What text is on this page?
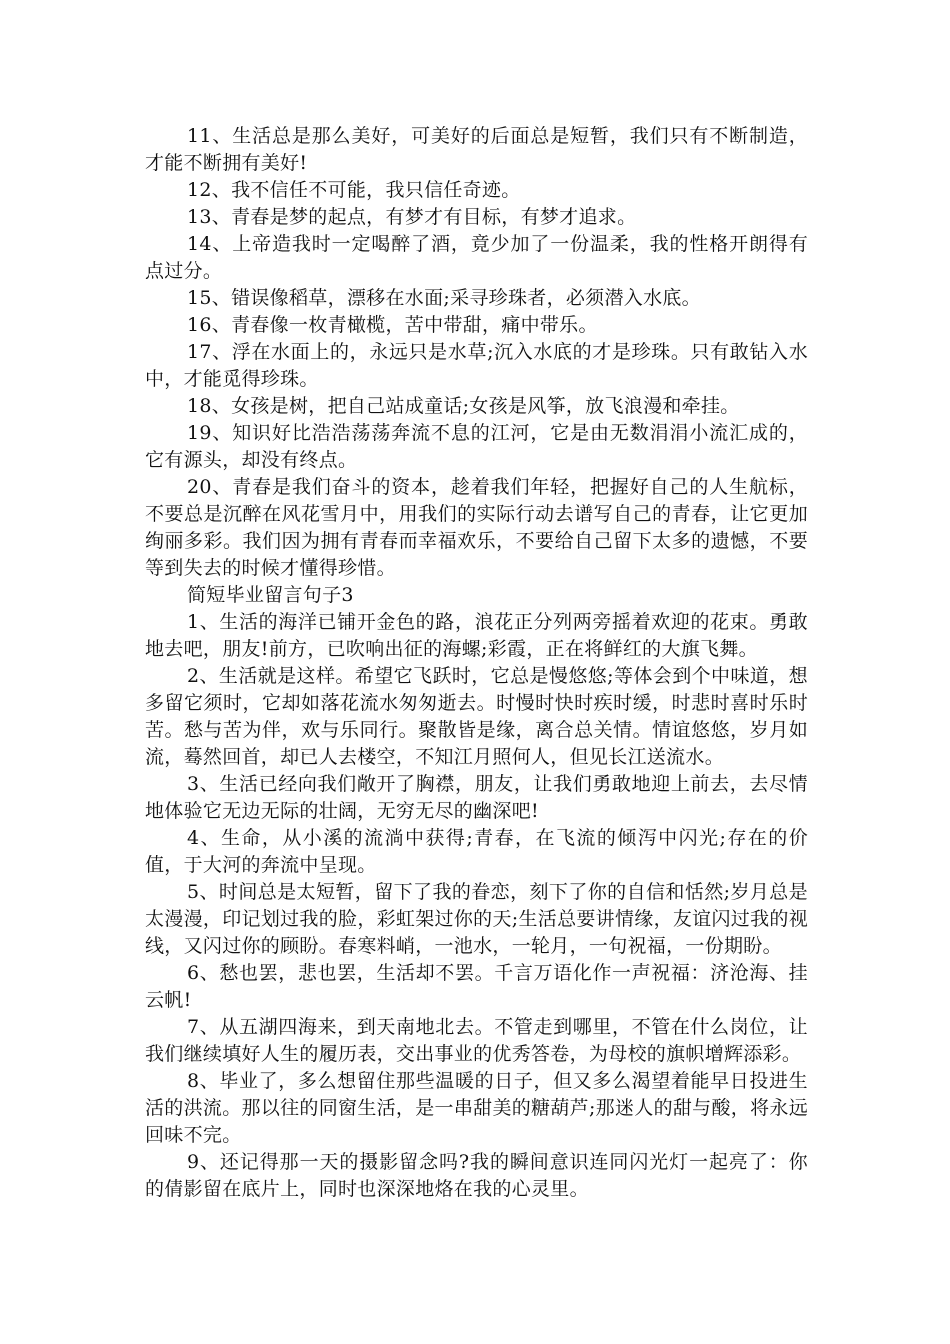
11、生活总是那么美好，可美好的后面总是短暂，我们只有不断制造，才能不断拥有美好!

12、我不信任不可能，我只信任奇迹。

13、青春是梦的起点，有梦才有目标，有梦才追求。

14、上帝造我时一定喝醉了酒，竟少加了一份温柔，我的性格开朗得有点过分。

15、错误像稻草，漂移在水面;采寻珍珠者，必须潜入水底。

16、青春像一枚青橄榄，苦中带甜，痛中带乐。

17、浮在水面上的，永远只是水草;沉入水底的才是珍珠。只有敢钻入水中，才能觅得珍珠。

18、女孩是树，把自己站成童话;女孩是风筝，放飞浪漫和牵挂。

19、知识好比浩浩荡荡奔流不息的江河，它是由无数涓涓小流汇成的，它有源头，却没有终点。

20、青春是我们奋斗的资本，趁着我们年轻，把握好自己的人生航标，不要总是沉醉在风花雪月中，用我们的实际行动去谱写自己的青春，让它更加绚丽多彩。我们因为拥有青春而幸福欢乐，不要给自己留下太多的遗憾，不要等到失去的时候才懂得珍惜。

简短毕业留言句子3

1、生活的海洋已铺开金色的路，浪花正分列两旁摇着欢迎的花束。勇敢地去吧，朋友!前方，已吹响出征的海螺;彩霞，正在将鲜红的大旗飞舞。

2、生活就是这样。希望它飞跃时，它总是慢悠悠;等体会到个中味道，想多留它须时，它却如落花流水匆匆逝去。时慢时快时疾时缓，时悲时喜时乐时苦。愁与苦为伴，欢与乐同行。聚散皆是缘，离合总关情。情谊悠悠，岁月如流，蓦然回首，却已人去楼空，不知江月照何人，但见长江送流水。

3、生活已经向我们敞开了胸襟，朋友，让我们勇敢地迎上前去，去尽情地体验它无边无际的壮阔，无穷无尽的幽深吧!

4、生命，从小溪的流淌中获得;青春，在飞流的倾泻中闪光;存在的价值，于大河的奔流中呈现。

5、时间总是太短暂，留下了我的眷恋，刻下了你的自信和恬然;岁月总是太漫漫，印记划过我的脸，彩虹架过你的天;生活总要讲情缘，友谊闪过我的视线，又闪过你的顾盼。春寒料峭，一池水，一轮月，一句祝福，一份期盼。

6、愁也罢，悲也罢，生活却不罢。千言万语化作一声祝福：济沧海、挂云帆!

7、从五湖四海来，到天南地北去。不管走到哪里，不管在什么岗位，让我们继续填好人生的履历表，交出事业的优秀答卷，为母校的旗帜增辉添彩。

8、毕业了，多么想留住那些温暖的日子，但又多么渴望着能早日投进生活的洪流。那以往的同窗生活，是一串甜美的糖葫芦;那迷人的甜与酸，将永远回味不完。

9、还记得那一天的摄影留念吗?我的瞬间意识连同闪光灯一起亮了：你的倩影留在底片上，同时也深深地烙在我的心灵里。
